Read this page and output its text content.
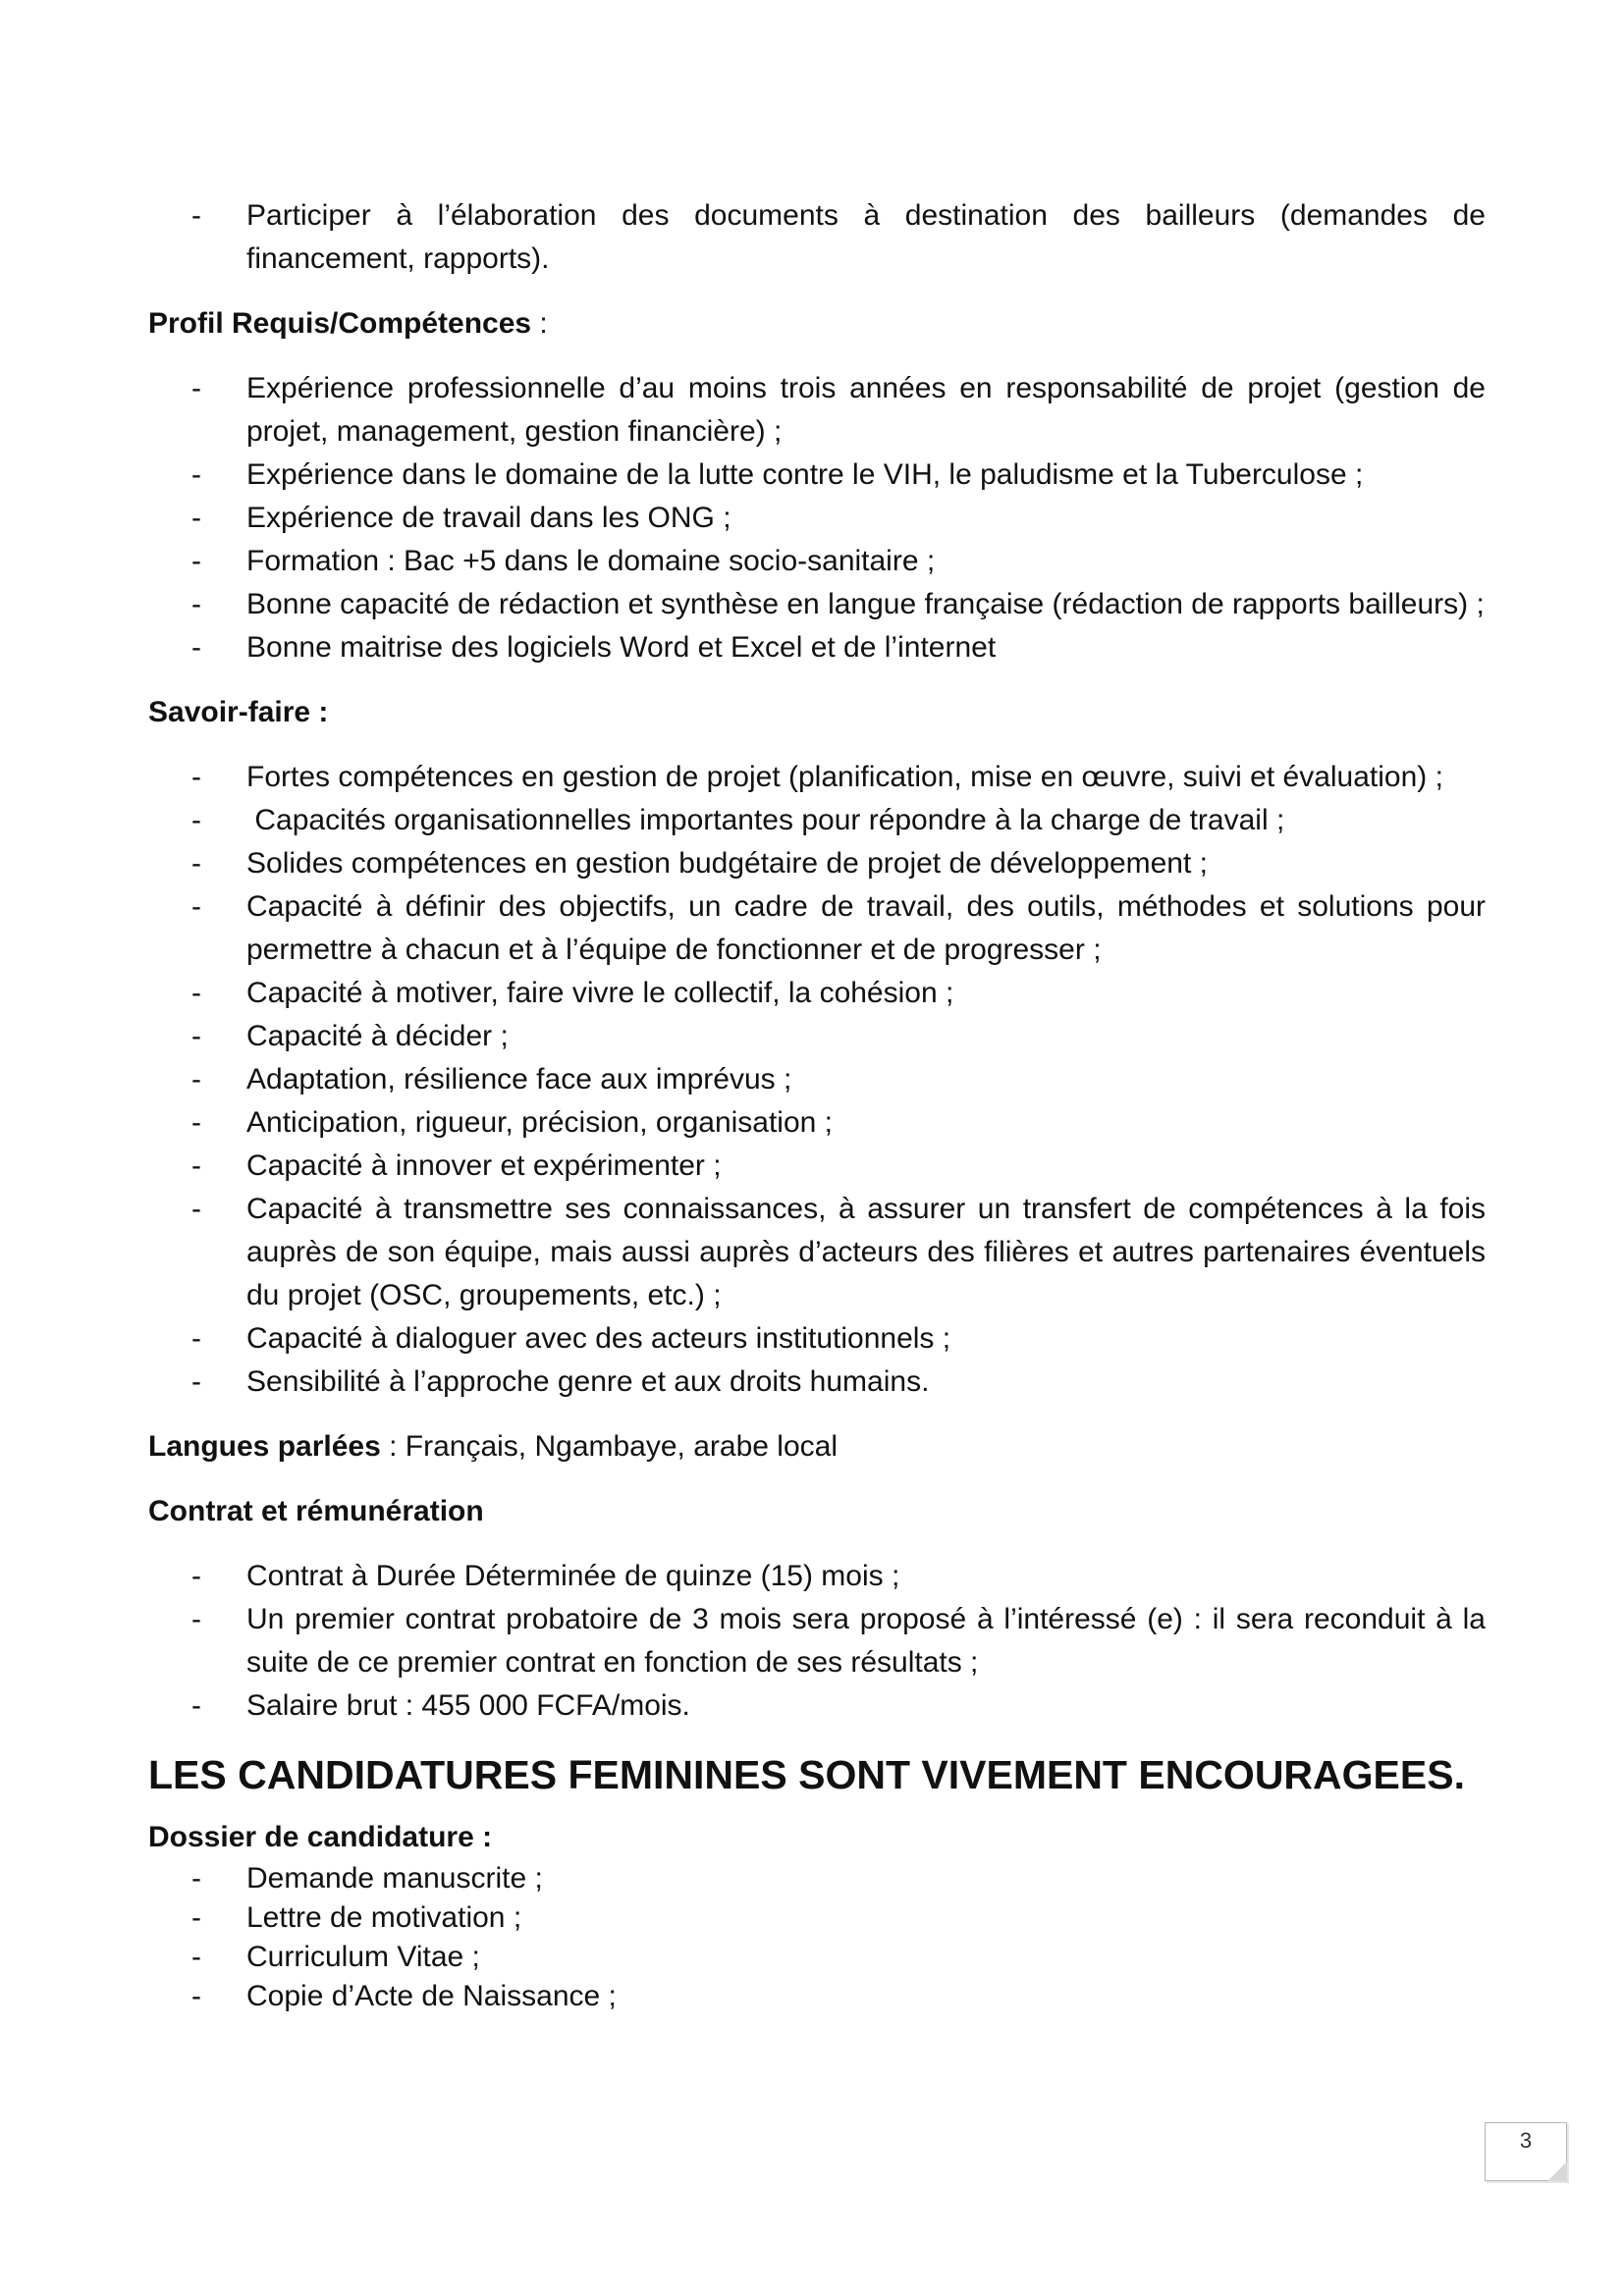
- Participer à l’élaboration des documents à destination des bailleurs (demandes de financement, rapports).
Profil Requis/Compétences :
- Expérience professionnelle d’au moins trois années en responsabilité de projet (gestion de projet, management, gestion financière) ;
- Expérience dans le domaine de la lutte contre le VIH, le paludisme et la Tuberculose ;
- Expérience de travail dans les ONG ;
- Formation : Bac +5 dans le domaine socio-sanitaire ;
- Bonne capacité de rédaction et synthèse en langue française (rédaction de rapports bailleurs) ;
- Bonne maitrise des logiciels Word et Excel et de l’internet
Savoir-faire :
- Fortes compétences en gestion de projet (planification, mise en œuvre, suivi et évaluation) ;
- Capacités organisationnelles importantes pour répondre à la charge de travail ;
- Solides compétences en gestion budgétaire de projet de développement ;
- Capacité à définir des objectifs, un cadre de travail, des outils, méthodes et solutions pour permettre à chacun et à l’équipe de fonctionner et de progresser ;
- Capacité à motiver, faire vivre le collectif, la cohésion ;
- Capacité à décider ;
- Adaptation, résilience face aux imprévus ;
- Anticipation, rigueur, précision, organisation ;
- Capacité à innover et expérimenter ;
- Capacité à transmettre ses connaissances, à assurer un transfert de compétences à la fois auprès de son équipe, mais aussi auprès d’acteurs des filières et autres partenaires éventuels du projet (OSC, groupements, etc.) ;
- Capacité à dialoguer avec des acteurs institutionnels ;
- Sensibilité à l’approche genre et aux droits humains.
Langues parlées : Français, Ngambaye, arabe local
Contrat et rémunération
- Contrat à Durée Déterminée de quinze (15) mois ;
- Un premier contrat probatoire de 3 mois sera proposé à l’intéressé (e) : il sera reconduit à la suite de ce premier contrat en fonction de ses résultats ;
- Salaire brut : 455 000 FCFA/mois.
LES CANDIDATURES FEMININES SONT VIVEMENT ENCOURAGEES.
Dossier de candidature :
- Demande manuscrite ;
- Lettre de motivation ;
- Curriculum Vitae ;
- Copie d’Acte de Naissance ;
3
